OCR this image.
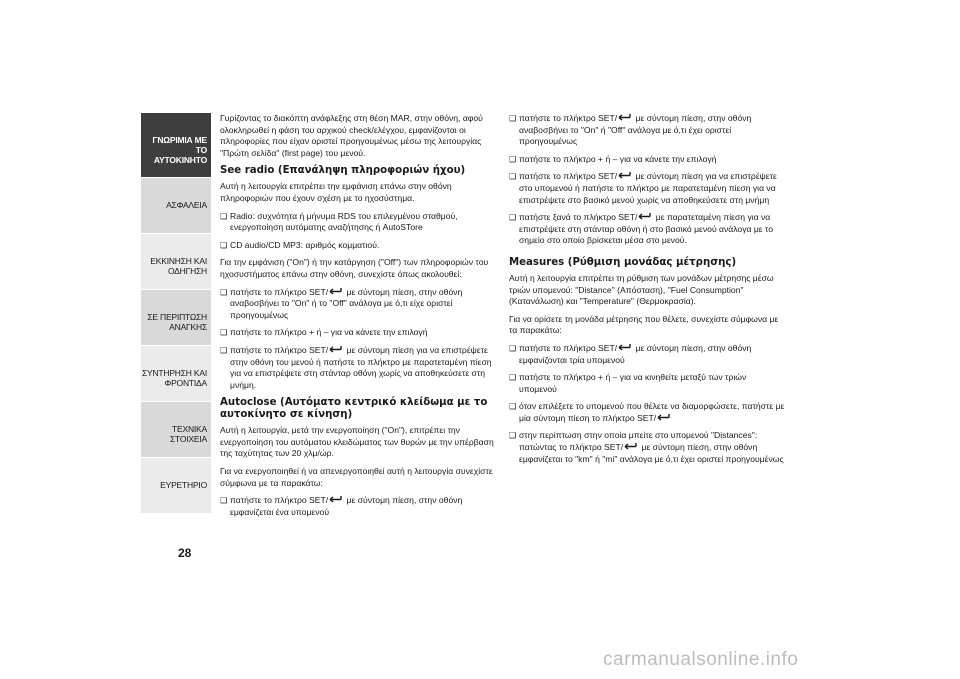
ΓΝΩΡΙΜΙΑ ΜΕ ΤΟ
ΑΥΤΟΚΙΝΗΤΟ
ΑΣΦΑΛΕΙΑ
ΕΚΚΙΝΗΣΗ ΚΑΙ
ΟΔΗΓΗΣΗ
ΣΕ ΠΕΡΙΠΤΩΣΗ
ΑΝΑΓΚΗΣ
ΣΥΝΤΗΡΗΣΗ ΚΑΙ
ΦΡΟΝΤΙΔΑ
ΤΕΧΝΙΚΑ ΣΤΟΙΧΕΙΑ
ΕΥΡΕΤΗΡΙΟ
28

Γυρίζοντας το διακόπτη ανάφλεξης στη θέση MAR, στην οθόνη, αφού ολοκληρωθεί η φάση του αρχικού check/ελέγχου, εμφανίζονται οι πληροφορίες που είχαν οριστεί προηγουμένως μέσω της λειτουργίας "Πρώτη σελίδα" (first page) του μενού.

See radio (Επανάληψη πληροφοριών ήχου)

Αυτή η λειτουργία επιτρέπει την εμφάνιση επάνω στην οθόνη πληροφοριών που έχουν σχέση με το ηχοσύστημα.

❑ Radio: συχνότητα ή μήνυμα RDS του επιλεγμένου σταθμού, ενεργοποίηση αυτόματης αναζήτησης ή AutoSTore
❑ CD audio/CD MP3: αριθμός κομματιού.

Για την εμφάνιση ("On") ή την κατάργηση ("Off") των πληροφοριών του ηχοσυστήματος επάνω στην οθόνη, συνεχίστε όπως ακολουθεί:

❑ πατήστε το πλήκτρο SET/ με σύντομη πίεση, στην οθόνη αναβοσβήνει το "On" ή το "Off" ανάλογα με ό,τι είχε οριστεί προηγουμένως
❑ πατήστε το πλήκτρο + ή – για να κάνετε την επιλογή
❑ πατήστε το πλήκτρο SET/ με σύντομη πίεση για να επιστρέψετε στην οθόνη του μενού ή πατήστε το πλήκτρο με παρατεταμένη πίεση για να επιστρέψετε στη στάνταρ οθόνη χωρίς να αποθηκεύσετε στη μνήμη.
Autoclose (Αυτόματο κεντρικό κλείδωμα με το αυτοκίνητο σε κίνηση)

Αυτή η λειτουργία, μετά την ενεργοποίηση ("On"), επιτρέπει την ενεργοποίηση του αυτόματου κλειδώματος των θυρών με την υπέρβαση της ταχύτητας των 20 χλμ/ώρ.

Για να ενεργοποιηθεί ή να απενεργοποιηθεί αυτή η λειτουργία συνεχίστε σύμφωνα με τα παρακάτω:

❑ πατήστε το πλήκτρο SET/ με σύντομη πίεση, στην οθόνη εμφανίζεται ένα υπομενού
❑ πατήστε το πλήκτρο SET/ με σύντομη πίεση, στην οθόνη αναβοσβήνει το "On" ή "Off" ανάλογα με ό,τι έχει οριστεί προηγουμένως
❑ πατήστε το πλήκτρο + ή – για να κάνετε την επιλογή
❑ πατήστε το πλήκτρο SET/ με σύντομη πίεση για να επιστρέψετε στο υπομενού ή πατήστε το πλήκτρο με παρατεταμένη πίεση για να επιστρέψετε στο βασικό μενού χωρίς να αποθηκεύσετε στη μνήμη
❑ πατήστε ξανά το πλήκτρο SET/ με παρατεταμένη πίεση για να επιστρέψετε στη στάνταρ οθόνη ή στο βασικό μενού ανάλογα με το σημείο στο οποίο βρίσκεται μέσα στο μενού.
Measures (Ρύθμιση μονάδας μέτρησης)

Αυτή η λειτουργία επιτρέπει τη ρύθμιση των μονάδων μέτρησης μέσω τριών υπομενού: "Distance" (Απόσταση), "Fuel Consumption" (Κατανάλωση) και "Temperature" (Θερμοκρασία).

Για να ορίσετε τη μονάδα μέτρησης που θέλετε, συνεχίστε σύμφωνα με τα παρακάτω:

❑ πατήστε το πλήκτρο SET/ με σύντομη πίεση, στην οθόνη εμφανίζονται τρία υπομενού
❑ πατήστε το πλήκτρο + ή – για να κινηθείτε μεταξύ των τριών υπομενού
❑ όταν επιλέξετε το υπομενού που θέλετε να διαμορφώσετε, πατήστε με μία σύντομη πίεση το πλήκτρο SET/
❑ στην περίπτωση στην οποία μπείτε στο υπομενού "Distances": πατώντας το πλήκτρο SET/ με σύντομη πίεση, στην οθόνη εμφανίζεται το "km" ή "mi" ανάλογα με ό,τι έχει οριστεί προηγουμένως
carmanualsonline.info
